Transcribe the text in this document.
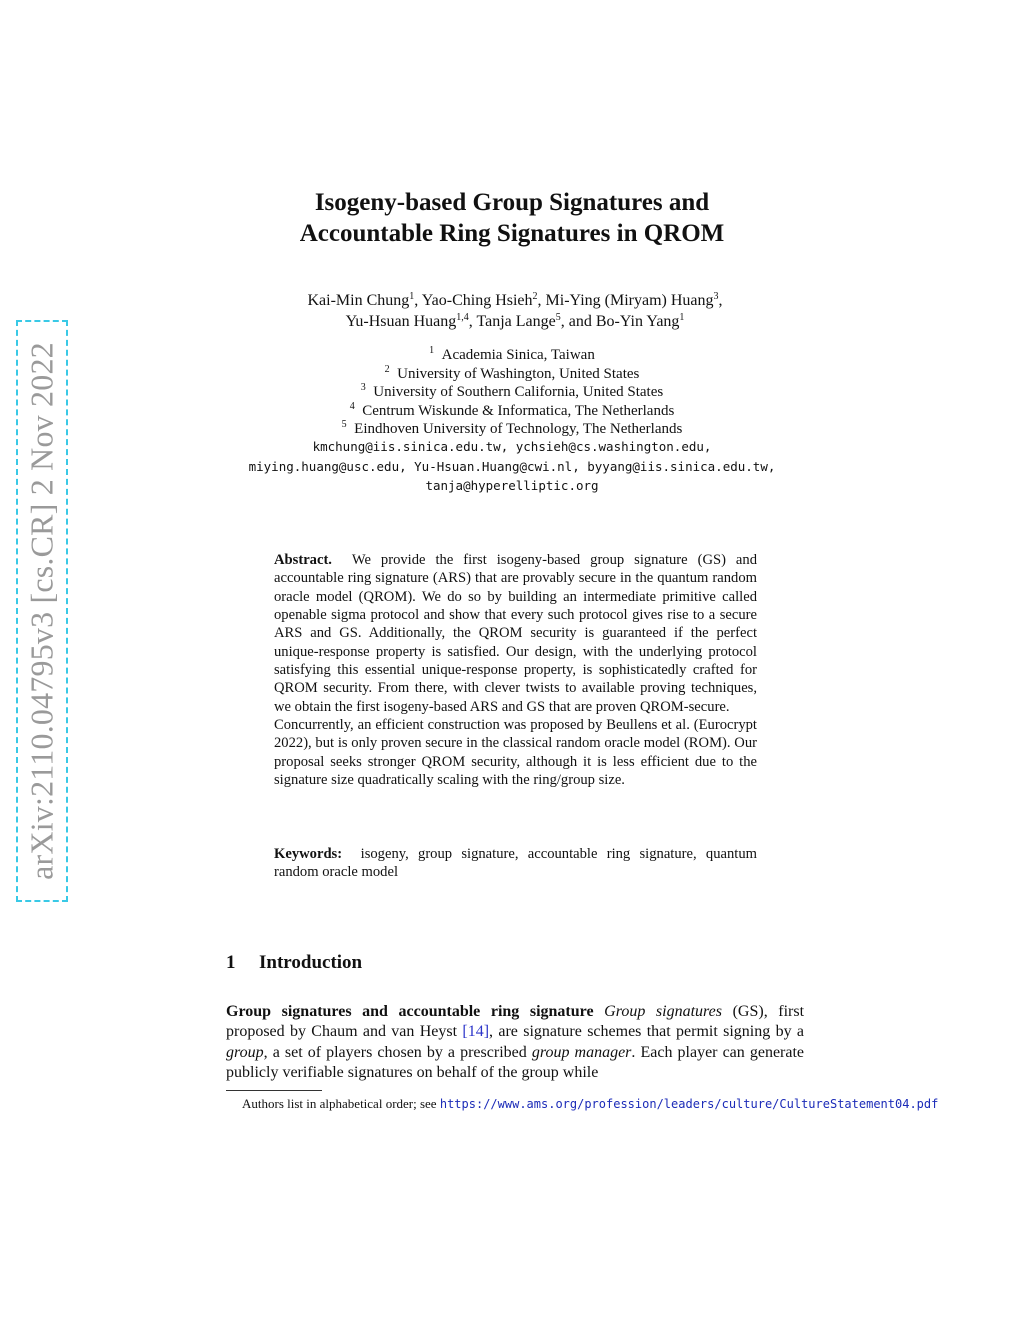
arXiv:2110.04795v3 [cs.CR] 2 Nov 2022
Isogeny-based Group Signatures and
Accountable Ring Signatures in QROM
Kai-Min Chung$^1$, Yao-Ching Hsieh$^2$, Mi-Ying (Miryam) Huang$^3$,
Yu-Hsuan Huang$^{1,4}$, Tanja Lange$^5$, and Bo-Yin Yang$^1$
$^1$ Academia Sinica, Taiwan
$^2$ University of Washington, United States
$^3$ University of Southern California, United States
$^4$ Centrum Wiskunde & Informatica, The Netherlands
$^5$ Eindhoven University of Technology, The Netherlands
kmchung@iis.sinica.edu.tw, ychsieh@cs.washington.edu,
miying.huang@usc.edu, Yu-Hsuan.Huang@cwi.nl, byyang@iis.sinica.edu.tw,
tanja@hyperelliptic.org
Abstract. We provide the first isogeny-based group signature (GS) and accountable ring signature (ARS) that are provably secure in the quantum random oracle model (QROM). We do so by building an intermediate primitive called openable sigma protocol and show that every such protocol gives rise to a secure ARS and GS. Additionally, the QROM security is guaranteed if the perfect unique-response property is satisfied. Our design, with the underlying protocol satisfying this essential unique-response property, is sophisticatedly crafted for QROM security. From there, with clever twists to available proving techniques, we obtain the first isogeny-based ARS and GS that are proven QROM-secure.
Concurrently, an efficient construction was proposed by Beullens et al. (Eurocrypt 2022), but is only proven secure in the classical random oracle model (ROM). Our proposal seeks stronger QROM security, although it is less efficient due to the signature size quadratically scaling with the ring/group size.
Keywords: isogeny, group signature, accountable ring signature, quantum random oracle model
1 Introduction
Group signatures and accountable ring signature Group signatures (GS), first proposed by Chaum and van Heyst [14], are signature schemes that permit signing by a group, a set of players chosen by a prescribed group manager. Each player can generate publicly verifiable signatures on behalf of the group while
Authors list in alphabetical order; see https://www.ams.org/profession/leaders/culture/CultureStatement04.pdf
